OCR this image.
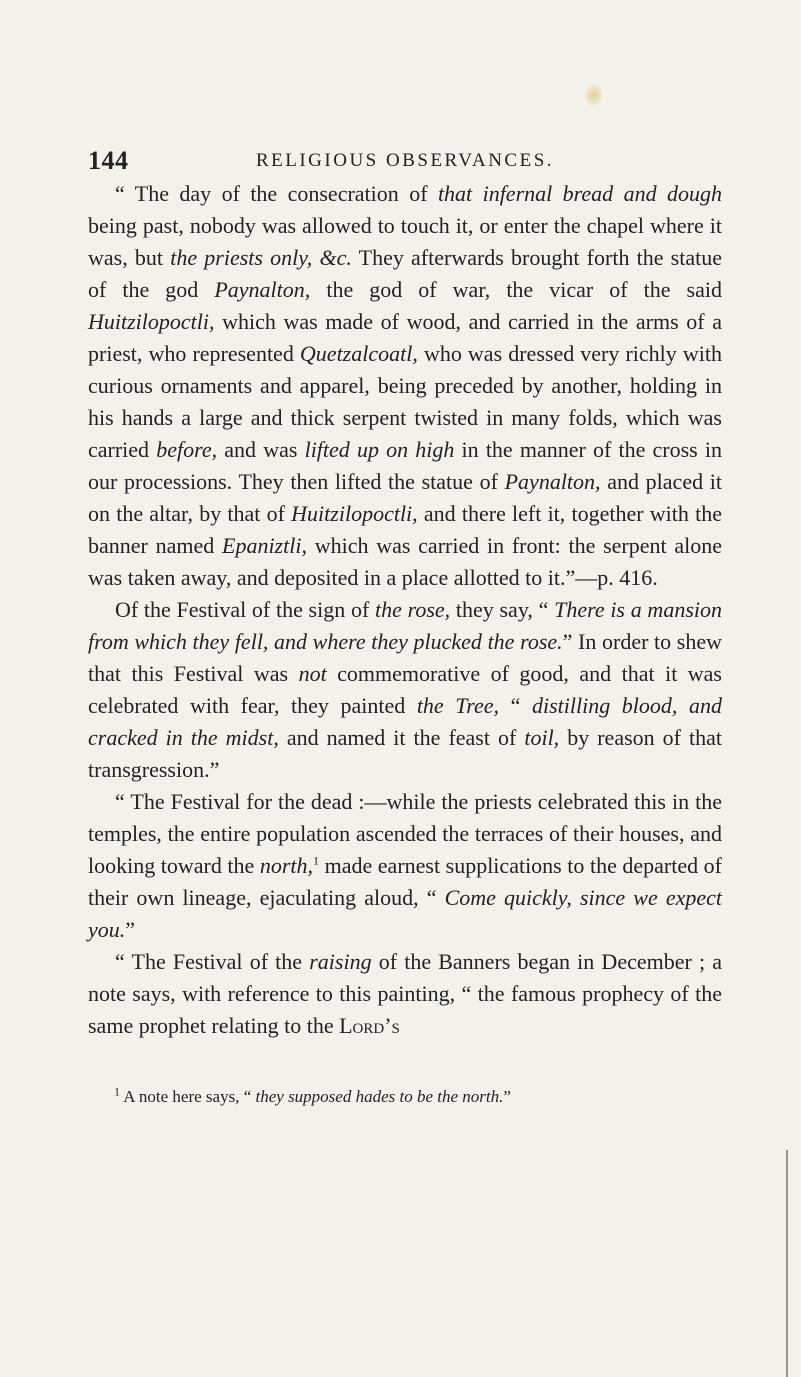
144	RELIGIOUS OBSERVANCES.

“ The day of the consecration of that infernal bread and dough being past, nobody was allowed to touch it, or enter the chapel where it was, but the priests only, &c. They afterwards brought forth the statue of the god Paynalton, the god of war, the vicar of the said Huitzilopoctli, which was made of wood, and carried in the arms of a priest, who represented Quetzalcoatl, who was dressed very richly with curious ornaments and apparel, being preceded by another, holding in his hands a large and thick serpent twisted in many folds, which was carried before, and was lifted up on high in the manner of the cross in our processions. They then lifted the statue of Paynalton, and placed it on the altar, by that of Huitzilopoctli, and there left it, together with the banner named Epaniztli, which was carried in front: the serpent alone was taken away, and deposited in a place allotted to it.”—p. 416.

Of the Festival of the sign of the rose, they say, “ There is a mansion from which they fell, and where they plucked the rose.” In order to shew that this Festival was not commemorative of good, and that it was celebrated with fear, they painted the Tree, “ distilling blood, and cracked in the midst, and named it the feast of toil, by reason of that transgression.”

“ The Festival for the dead :—while the priests celebrated this in the temples, the entire population ascended the terraces of their houses, and looking toward the north,$^1$ made earnest supplications to the departed of their own lineage, ejaculating aloud, “ Come quickly, since we expect you.”

“ The Festival of the raising of the Banners began in December ; a note says, with reference to this painting, “ the famous prophecy of the same prophet relating to the Lord’s

$^1$ A note here says, “ they supposed hades to be the north.”
